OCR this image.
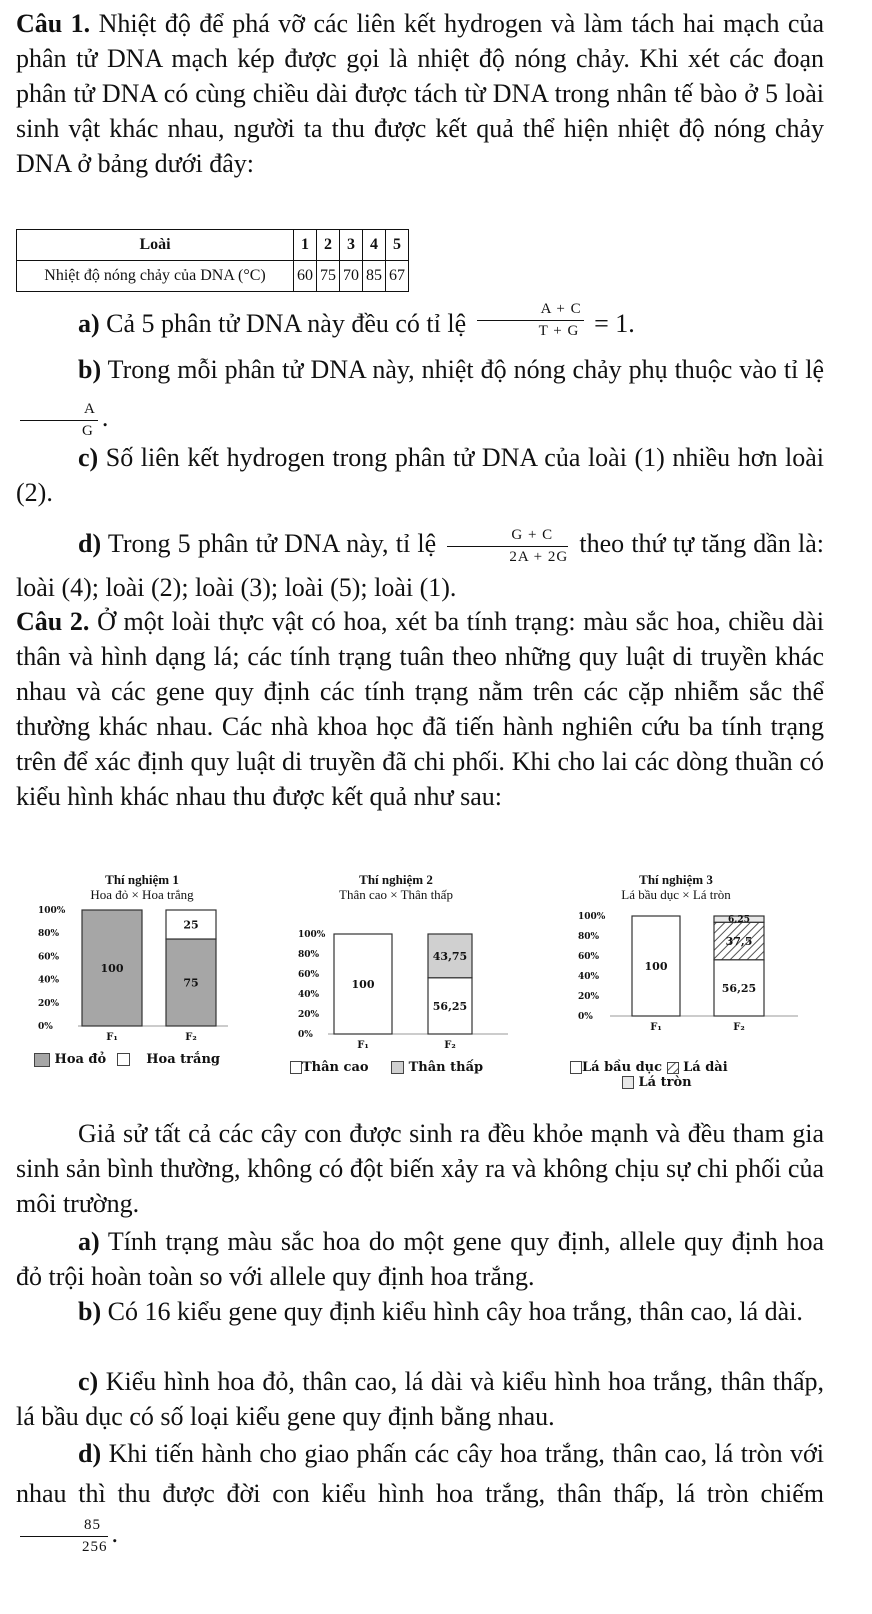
Câu 1. Nhiệt độ để phá vỡ các liên kết hydrogen và làm tách hai mạch của phân tử DNA mạch kép được gọi là nhiệt độ nóng chảy. Khi xét các đoạn phân tử DNA có cùng chiều dài được tách từ DNA trong nhân tế bào ở 5 loài sinh vật khác nhau, người ta thu được kết quả thể hiện nhiệt độ nóng chảy DNA ở bảng dưới đây:

Loài	1	2	3	4	5
Nhiệt độ nóng chảy của DNA (°C)	60	75	70	85	67

a) Cả 5 phân tử DNA này đều có tỉ lệ $\frac{A + C}{T + G} = 1$.

b) Trong mỗi phân tử DNA này, nhiệt độ nóng chảy phụ thuộc vào tỉ lệ
$\frac{A}{G}$ .

c) Số liên kết hydrogen trong phân tử DNA của loài (1) nhiều hơn loài (2).

d) Trong 5 phân tử DNA này, tỉ lệ $\frac{G + C}{2A + 2G}$ theo thứ tự tăng dần là: loài (4); loài (2); loài (3); loài (5); loài (1).

Câu 2. Ở một loài thực vật có hoa, xét ba tính trạng: màu sắc hoa, chiều dài thân và hình dạng lá; các tính trạng tuân theo những quy luật di truyền khác nhau và các gene quy định các tính trạng nằm trên các cặp nhiễm sắc thể thường khác nhau. Các nhà khoa học đã tiến hành nghiên cứu ba tính trạng trên để xác định quy luật di truyền đã chi phối. Khi cho lai các dòng thuần có kiểu hình khác nhau thu được kết quả như sau:

Thí nghiệm 1
Hoa đỏ × Hoa trắng
Thí nghiệm 2
Thân cao × Thân thấp
Thí nghiệm 3
Lá bầu dục × Lá tròn
0%
20%
40%
60%
80%
100%
100
F₁
75
25
F₂	0%
20%
40%
60%
80%
100%
100
F₁
56,25
43,75
F₂
0%
20%
40%
60%
80%
100%
100
F₁
56,25
37,5
6,25
F₂
Hoa đỏ	Hoa trắng
Thân cao	Thân thấp	Lá bầu dục Lá dài
Lá tròn

Giả sử tất cả các cây con được sinh ra đều khỏe mạnh và đều tham gia sinh sản bình thường, không có đột biến xảy ra và không chịu sự chi phối của môi trường.

a) Tính trạng màu sắc hoa do một gene quy định, allele quy định hoa đỏ trội hoàn toàn so với allele quy định hoa trắng.

b) Có 16 kiểu gene quy định kiểu hình cây hoa trắng, thân cao, lá dài.

c) Kiểu hình hoa đỏ, thân cao, lá dài và kiểu hình hoa trắng, thân thấp, lá bầu dục có số loại kiểu gene quy định bằng nhau.

d) Khi tiến hành cho giao phấn các cây hoa trắng, thân cao, lá tròn với nhau thì thu được đời con kiểu hình hoa trắng, thân thấp, lá tròn chiếm
$\frac{85}{256}$ .
